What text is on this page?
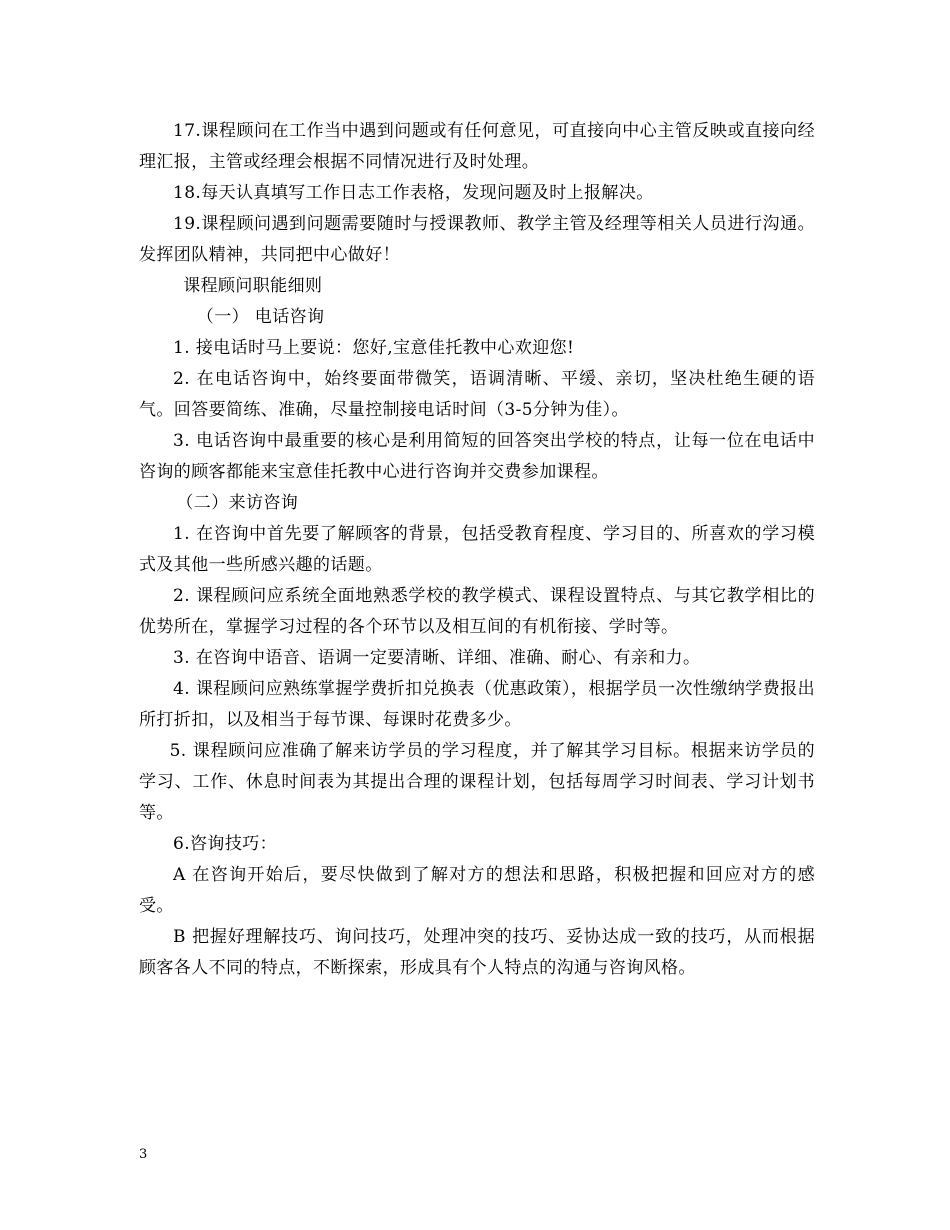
17.课程顾问在工作当中遇到问题或有任何意见，可直接向中心主管反映或直接向经理汇报，主管或经理会根据不同情况进行及时处理。

18.每天认真填写工作日志工作表格，发现问题及时上报解决。

19.课程顾问遇到问题需要随时与授课教师、教学主管及经理等相关人员进行沟通。发挥团队精神，共同把中心做好！

课程顾问职能细则

（一） 电话咨询

1. 接电话时马上要说：您好,宝意佳托教中心欢迎您!

2. 在电话咨询中，始终要面带微笑，语调清晰、平缓、亲切，坚决杜绝生硬的语气。回答要简练、准确，尽量控制接电话时间（3-5分钟为佳）。

3. 电话咨询中最重要的核心是利用简短的回答突出学校的特点，让每一位在电话中咨询的顾客都能来宝意佳托教中心进行咨询并交费参加课程。

（二）来访咨询

1. 在咨询中首先要了解顾客的背景，包括受教育程度、学习目的、所喜欢的学习模式及其他一些所感兴趣的话题。

2. 课程顾问应系统全面地熟悉学校的教学模式、课程设置特点、与其它教学相比的优势所在，掌握学习过程的各个环节以及相互间的有机衔接、学时等。

3. 在咨询中语音、语调一定要清晰、详细、准确、耐心、有亲和力。

4. 课程顾问应熟练掌握学费折扣兑换表（优惠政策），根据学员一次性缴纳学费报出所打折扣，以及相当于每节课、每课时花费多少。

5. 课程顾问应准确了解来访学员的学习程度，并了解其学习目标。根据来访学员的学习、工作、休息时间表为其提出合理的课程计划，包括每周学习时间表、学习计划书等。

6.咨询技巧：

A 在咨询开始后，要尽快做到了解对方的想法和思路，积极把握和回应对方的感受。

B 把握好理解技巧、询问技巧，处理冲突的技巧、妥协达成一致的技巧，从而根据顾客各人不同的特点，不断探索，形成具有个人特点的沟通与咨询风格。

3
